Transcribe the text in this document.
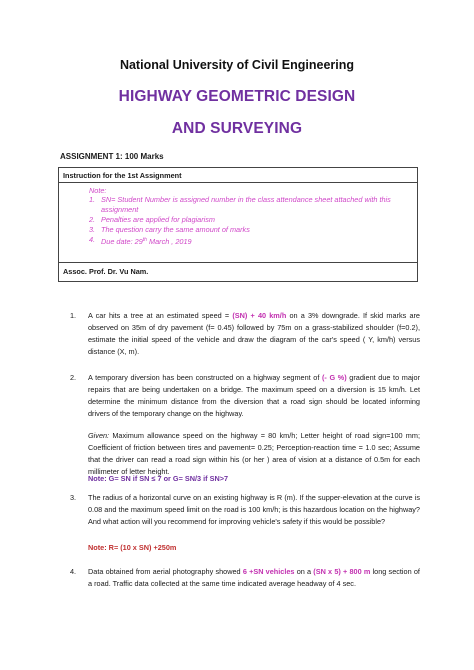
National University of Civil Engineering
HIGHWAY GEOMETRIC DESIGN
AND SURVEYING
ASSIGNMENT 1: 100 Marks
Instruction for the 1st Assignment
Note:
1. SN= Student Number is assigned number in the class attendance sheet attached with this assignment
2. Penalties are applied for plagiarism
3. The question carry the same amount of marks
4. Due date: 29th March , 2019
Assoc. Prof. Dr. Vu Nam.
1. A car hits a tree at an estimated speed = (SN) + 40 km/h on a 3% downgrade. If skid marks are observed on 35m of dry pavement (f= 0.45) followed by 75m on a grass-stabilized shoulder (f=0.2), estimate the initial speed of the vehicle and draw the diagram of the car's speed ( Y, km/h) versus distance (X, m).
2. A temporary diversion has been constructed on a highway segment of (- G %) gradient due to major repairs that are being undertaken on a bridge. The maximum speed on a diversion is 15 km/h. Let determine the minimum distance from the diversion that a road sign should be located informing drivers of the temporary change on the highway.
Given: Maximum allowance speed on the highway = 80 km/h; Letter height of road sign=100 mm; Coefficient of friction between tires and pavement= 0.25; Perception-reaction time = 1.0 sec; Assume that the driver can read a road sign within his (or her ) area of vision at a distance of 0.5m for each millimeter of letter height.
Note: G= SN if SN ≤ 7 or G= SN/3 if SN>7
3. The radius of a horizontal curve on an existing highway is R (m). If the supper-elevation at the curve is 0.08 and the maximum speed limit on the road is 100 km/h; is this hazardous location on the highway? And what action will you recommend for improving vehicle's safety if this would be possible?
Note: R= (10 x SN) +250m
4. Data obtained from aerial photography showed 6 +SN vehicles on a (SN x 5) + 800 m long section of a road. Traffic data collected at the same time indicated average headway of 4 sec.
